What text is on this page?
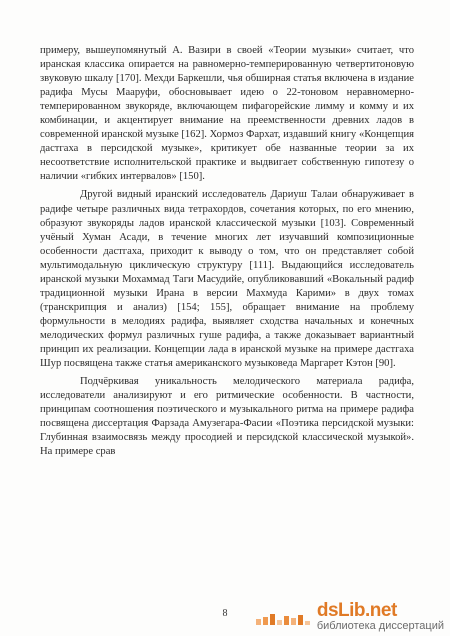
примеру, вышеупомянутый А. Вазири в своей «Теории музыки» считает, что иранская классика опирается на равномерно-темперированную четвертитоновую звуковую шкалу [170]. Мехди Баркешли, чья обширная статья включена в издание радифа Мусы Мааруфи, обосновывает идею о 22-тоновом неравномерно-темперированном звукоряде, включающем пифагорейские лимму и комму и их комбинации, и акцентирует внимание на преемственности древних ладов в современной иранской музыке [162]. Хормоз Фархат, издавший книгу «Концепция дастгаха в персидской музыке», критикует обе названные теории за их несоответствие исполнительской практике и выдвигает собственную гипотезу о наличии «гибких интервалов» [150].

Другой видный иранский исследователь Дариуш Талаи обнаруживает в радифе четыре различных вида тетрахордов, сочетания которых, по его мнению, образуют звукоряды ладов иранской классической музыки [103]. Современный учёный Хуман Асади, в течение многих лет изучавший композиционные особенности дастгаха, приходит к выводу о том, что он представляет собой мультимодальную циклическую структуру [111]. Выдающийся исследователь иранской музыки Мохаммад Таги Масудийе, опубликовавший «Вокальный радиф традиционной музыки Ирана в версии Махмуда Карими» в двух томах (транскрипция и анализ) [154; 155], обращает внимание на проблему формульности в мелодиях радифа, выявляет сходства начальных и конечных мелодических формул различных гуше радифа, а также доказывает вариантный принцип их реализации. Концепции лада в иранской музыке на примере дастгаха Шур посвящена также статья американского музыковеда Маргарет Кэтон [90].

Подчёркивая уникальность мелодического материала радифа, исследователи анализируют и его ритмические особенности. В частности, принципам соотношения поэтического и музыкального ритма на примере радифа посвящена диссертация Фарзада Амузегара-Фасии «Поэтика персидской музыки: Глубинная взаимосвязь между просодией и персидской классической музыкой». На примере срав

8	dsLib.net
библиотека диссертаций
